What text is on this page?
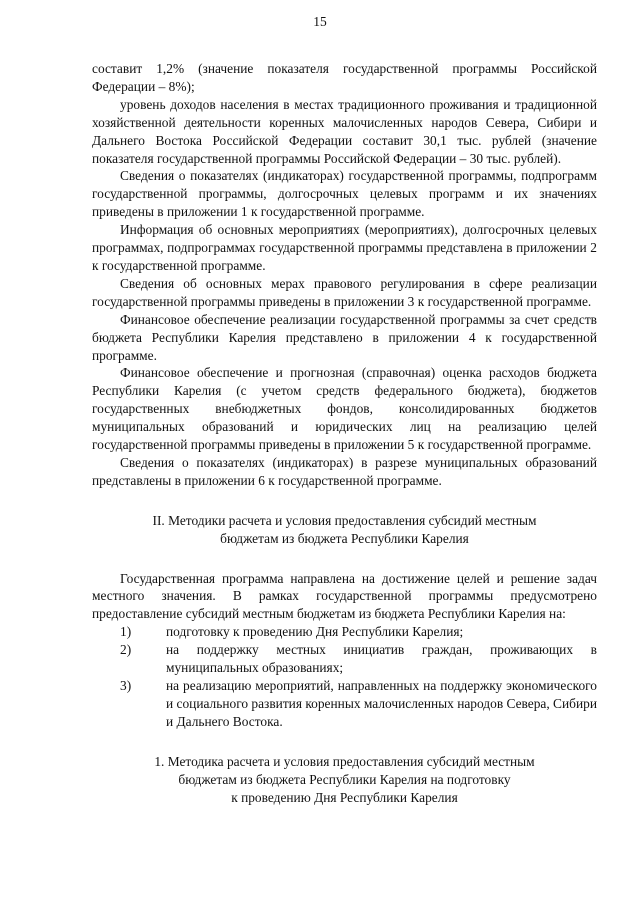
15

составит 1,2% (значение показателя государственной программы Российской Федерации – 8%);

уровень доходов населения в местах традиционного проживания и традиционной хозяйственной деятельности коренных малочисленных народов Севера, Сибири и Дальнего Востока Российской Федерации составит 30,1 тыс. рублей (значение показателя государственной программы Российской Федерации – 30 тыс. рублей).

Сведения о показателях (индикаторах) государственной программы, подпрограмм государственной программы, долгосрочных целевых программ и их значениях приведены в приложении 1 к государственной программе.

Информация об основных мероприятиях (мероприятиях), долгосрочных целевых программах, подпрограммах государственной программы представлена в приложении 2 к государственной программе.

Сведения об основных мерах правового регулирования в сфере реализации государственной программы приведены в приложении 3 к государственной программе.

Финансовое обеспечение реализации государственной программы за счет средств бюджета Республики Карелия представлено в приложении 4 к государственной программе.

Финансовое обеспечение и прогнозная (справочная) оценка расходов бюджета Республики Карелия (с учетом средств федерального бюджета), бюджетов государственных внебюджетных фондов, консолидированных бюджетов муниципальных образований и юридических лиц на реализацию целей государственной программы приведены в приложении 5 к государственной программе.

Сведения о показателях (индикаторах) в разрезе муниципальных образований представлены в приложении 6 к государственной программе.

II. Методики расчета и условия предоставления субсидий местным

бюджетам из бюджета Республики Карелия

Государственная программа направлена на достижение целей и решение задач местного значения. В рамках государственной программы предусмотрено предоставление субсидий местным бюджетам из бюджета Республики Карелия на:

1)	подготовку к проведению Дня Республики Карелия;
2)	на поддержку местных инициатив граждан, проживающих в муниципальных образованиях;
3)	на реализацию мероприятий, направленных на поддержку экономического и социального развития коренных малочисленных народов Севера, Сибири и Дальнего Востока.

1. Методика расчета и условия предоставления субсидий местным

бюджетам из бюджета Республики Карелия на подготовку

к проведению Дня Республики Карелия
